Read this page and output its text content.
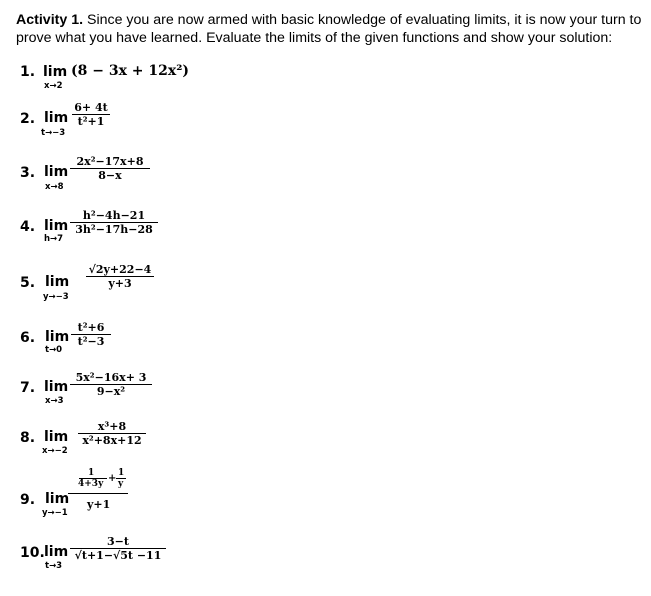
Activity 1. Since you are now armed with basic knowledge of evaluating limits, it is now your turn to prove what you have learned. Evaluate the limits of the given functions and show your solution:
1. lim
x→2
(8 − 3x + 12x²)
2. lim
t→−3
6+ 4t
t²+1
3. lim
x→8
2x²−17x+8
8−x
4. lim
h→7
h²−4h−21
3h²−17h−28
5. lim
y→−3
√2y+22−4
y+3
6. lim
t→0
t²+6
t²−3
7. lim
x→3
5x²−16x+ 3
9−x²
8. lim
x→−2
x³+8
x²+8x+12
9. lim
y→−1
1	1
+
4+3y y
y+1
10. lim
t→3
3−t
√t+1−√5t −11
